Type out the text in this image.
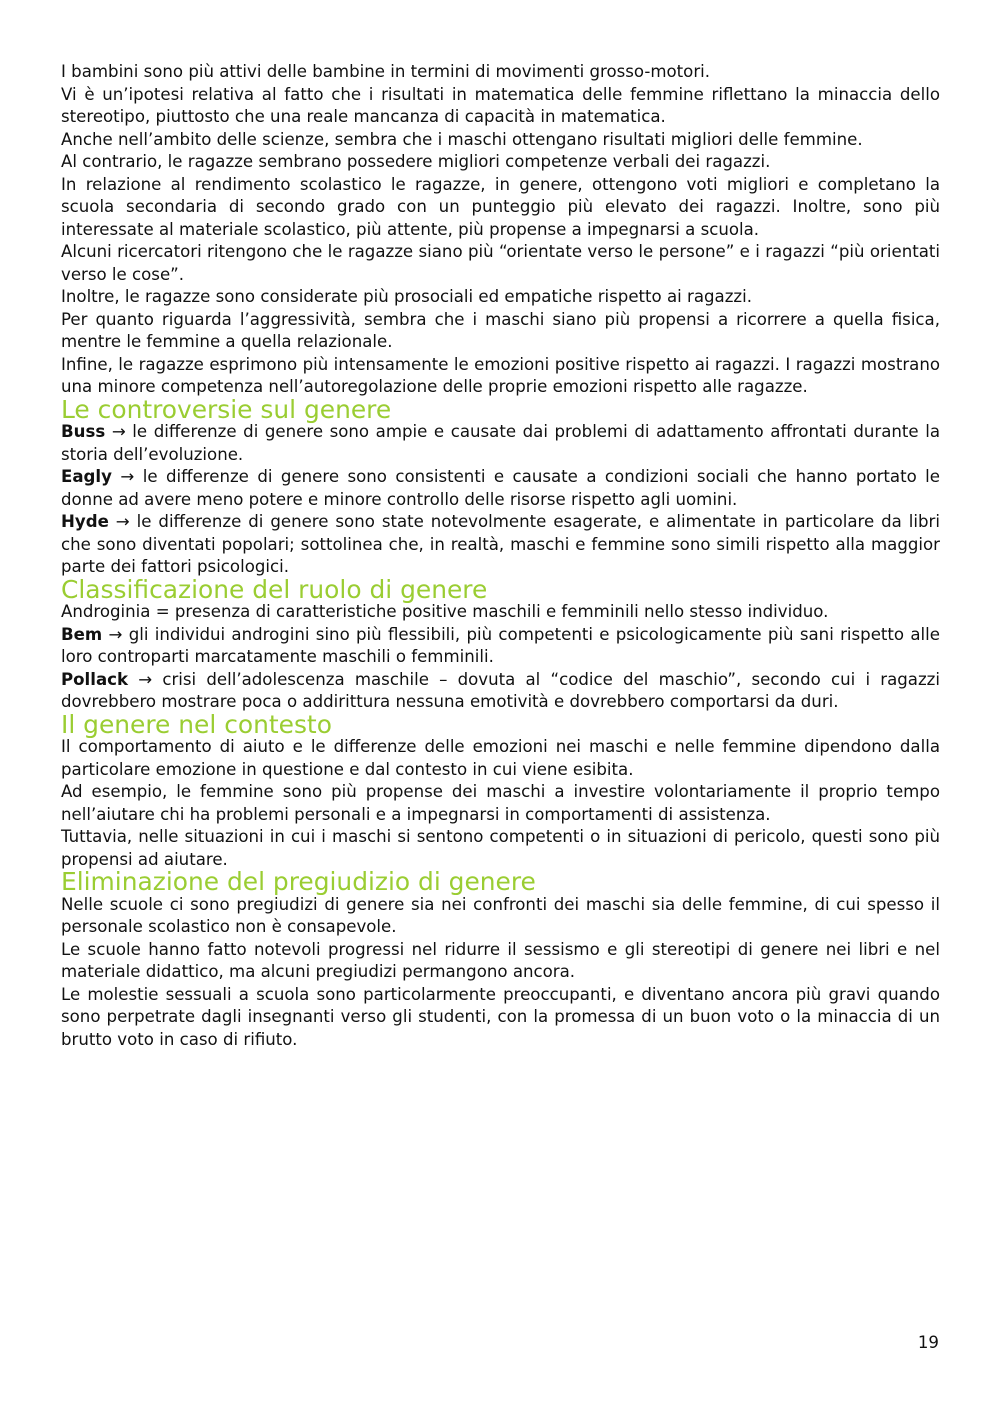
I bambini sono più attivi delle bambine in termini di movimenti grosso-motori.

Vi è un’ipotesi relativa al fatto che i risultati in matematica delle femmine riflettano la minaccia dello stereotipo, piuttosto che una reale mancanza di capacità in matematica.

Anche nell’ambito delle scienze, sembra che i maschi ottengano risultati migliori delle femmine.

Al contrario, le ragazze sembrano possedere migliori competenze verbali dei ragazzi.

In relazione al rendimento scolastico le ragazze, in genere, ottengono voti migliori e completano la scuola secondaria di secondo grado con un punteggio più elevato dei ragazzi. Inoltre, sono più interessate al materiale scolastico, più attente, più propense a impegnarsi a scuola.

Alcuni ricercatori ritengono che le ragazze siano più “orientate verso le persone” e i ragazzi “più orientati verso le cose”.

Inoltre, le ragazze sono considerate più prosociali ed empatiche rispetto ai ragazzi.

Per quanto riguarda l’aggressività, sembra che i maschi siano più propensi a ricorrere a quella fisica, mentre le femmine a quella relazionale.

Infine, le ragazze esprimono più intensamente le emozioni positive rispetto ai ragazzi. I ragazzi mostrano una minore competenza nell’autoregolazione delle proprie emozioni rispetto alle ragazze.

Le controversie sul genere

Buss → le differenze di genere sono ampie e causate dai problemi di adattamento affrontati durante la storia dell’evoluzione.

Eagly → le differenze di genere sono consistenti e causate a condizioni sociali che hanno portato le donne ad avere meno potere e minore controllo delle risorse rispetto agli uomini.

Hyde → le differenze di genere sono state notevolmente esagerate, e alimentate in particolare da libri che sono diventati popolari; sottolinea che, in realtà, maschi e femmine sono simili rispetto alla maggior parte dei fattori psicologici.

Classificazione del ruolo di genere

Androginia = presenza di caratteristiche positive maschili e femminili nello stesso individuo.

Bem → gli individui androgini sino più flessibili, più competenti e psicologicamente più sani rispetto alle loro controparti marcatamente maschili o femminili.

Pollack → crisi dell’adolescenza maschile – dovuta al “codice del maschio”, secondo cui i ragazzi dovrebbero mostrare poca o addirittura nessuna emotività e dovrebbero comportarsi da duri.

Il genere nel contesto

Il comportamento di aiuto e le differenze delle emozioni nei maschi e nelle femmine dipendono dalla particolare emozione in questione e dal contesto in cui viene esibita.

Ad esempio, le femmine sono più propense dei maschi a investire volontariamente il proprio tempo nell’aiutare chi ha problemi personali e a impegnarsi in comportamenti di assistenza.

Tuttavia, nelle situazioni in cui i maschi si sentono competenti o in situazioni di pericolo, questi sono più propensi ad aiutare.

Eliminazione del pregiudizio di genere

Nelle scuole ci sono pregiudizi di genere sia nei confronti dei maschi sia delle femmine, di cui spesso il personale scolastico non è consapevole.

Le scuole hanno fatto notevoli progressi nel ridurre il sessismo e gli stereotipi di genere nei libri e nel materiale didattico, ma alcuni pregiudizi permangono ancora.

Le molestie sessuali a scuola sono particolarmente preoccupanti, e diventano ancora più gravi quando sono perpetrate dagli insegnanti verso gli studenti, con la promessa di un buon voto o la minaccia di un brutto voto in caso di rifiuto.

19
